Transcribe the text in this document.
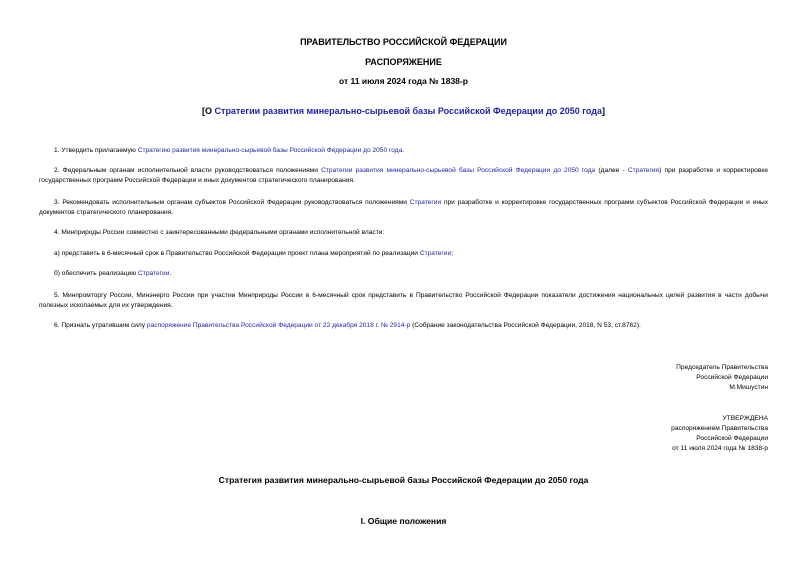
ПРАВИТЕЛЬСТВО РОССИЙСКОЙ ФЕДЕРАЦИИ
РАСПОРЯЖЕНИЕ
от 11 июля 2024 года № 1838-р
[О Стратегии развития минерально-сырьевой базы Российской Федерации до 2050 года]
1. Утвердить прилагаемую Стратегию развития минерально-сырьевой базы Российской Федерации до 2050 года.
2. Федеральным органам исполнительной власти руководствоваться положениями Стратегии развития минерально-сырьевой базы Российской Федерации до 2050 года (далее - Стратегия) при разработке и корректировке государственных программ Российской Федерации и иных документов стратегического планирования.
3. Рекомендовать исполнительным органам субъектов Российской Федерации руководствоваться положениями Стратегии при разработке и корректировке государственных программ субъектов Российской Федерации и иных документов стратегического планирования.
4. Минприроды России совместно с заинтересованными федеральными органами исполнительной власти:
а) представить в 6-месячный срок в Правительство Российской Федерации проект плана мероприятий по реализации Стратегии;
б) обеспечить реализацию Стратегии.
5. Минпромторгу России, Минэнерго России при участии Минприроды России в 6-месячный срок представить в Правительство Российской Федерации показатели достижения национальных целей развития в части добычи полезных ископаемых для их утверждения.
6. Признать утратившим силу распоряжение Правительства Российской Федерации от 22 декабря 2018 г. № 2914-р (Собрание законодательства Российской Федерации, 2018, N 53, ст.8762).
Председатель Правительства
Российской Федерации
М.Мишустин
УТВЕРЖДЕНА
распоряжением Правительства
Российской Федерации
от 11 июля 2024 года № 1838-р
Стратегия развития минерально-сырьевой базы Российской Федерации до 2050 года
I. Общие положения
